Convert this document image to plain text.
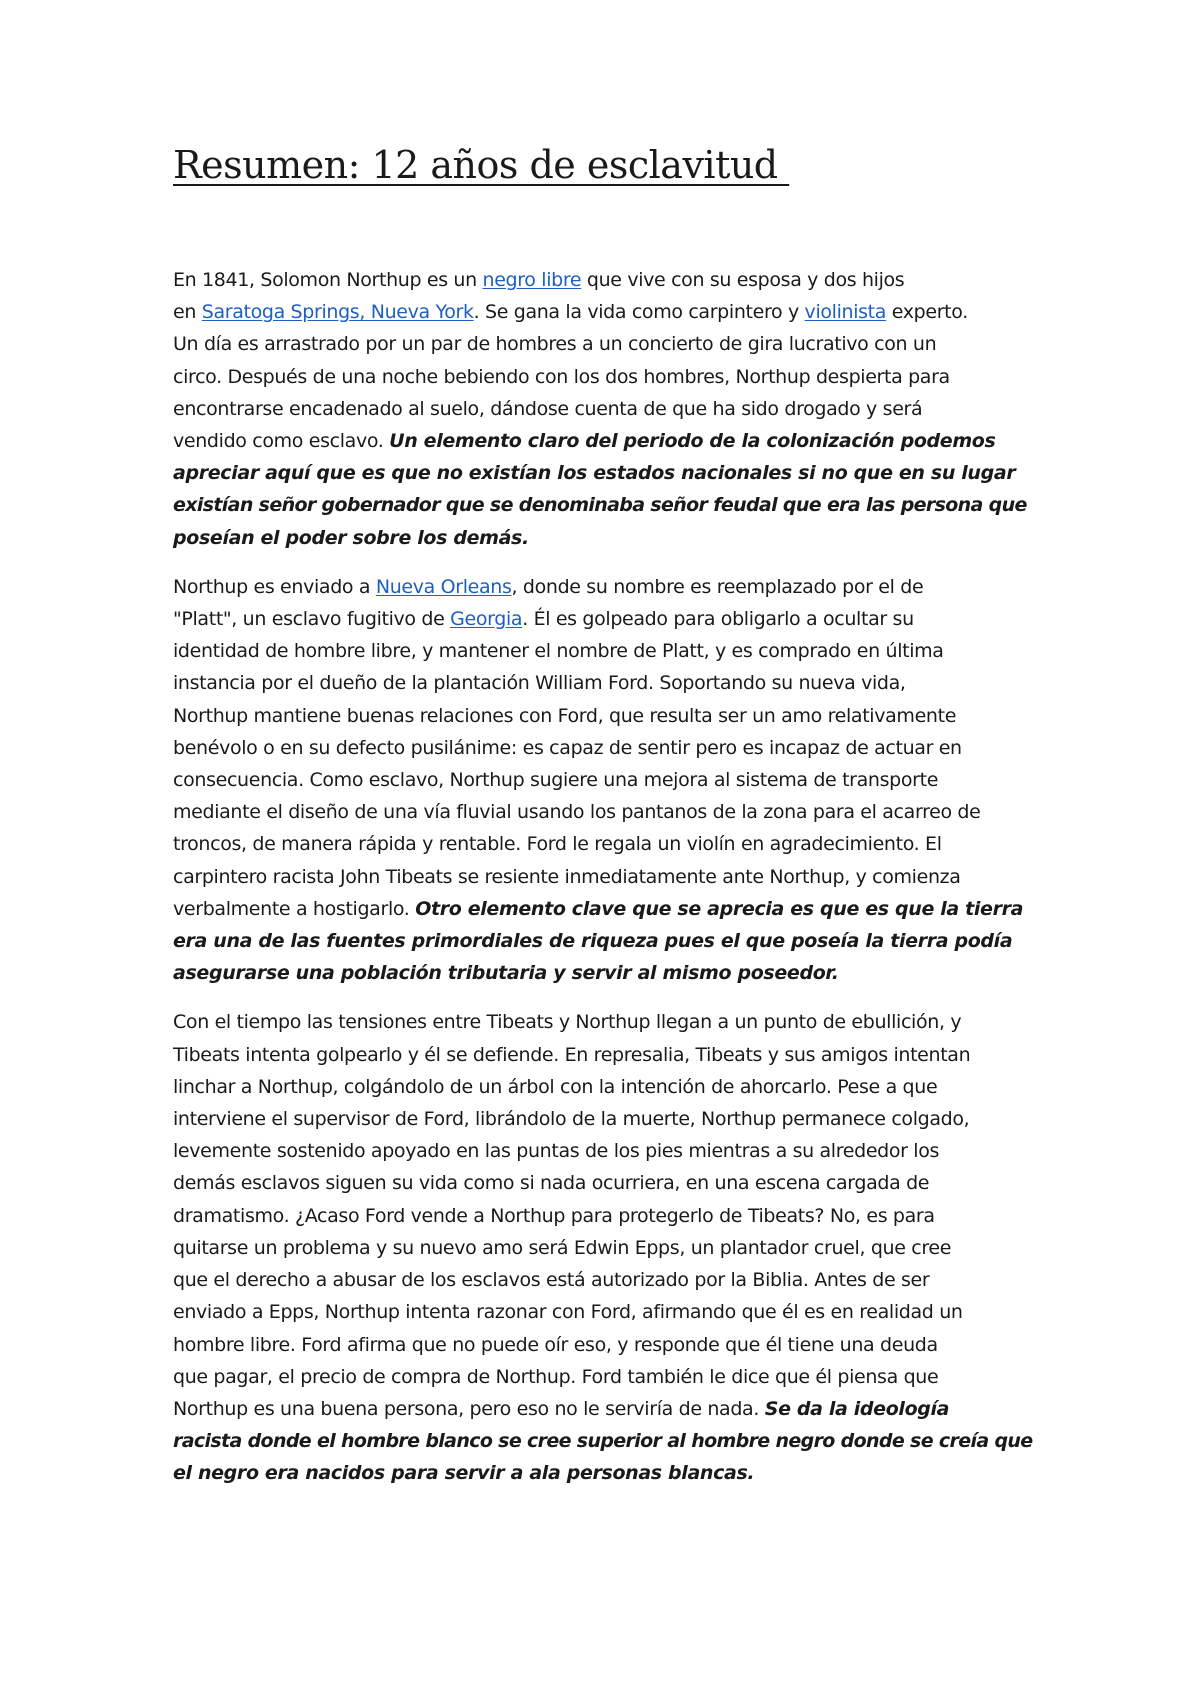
Resumen: 12 años de esclavitud

En 1841, Solomon Northup es un negro libre que vive con su esposa y dos hijos
en Saratoga Springs, Nueva York. Se gana la vida como carpintero y violinista experto.
Un día es arrastrado por un par de hombres a un concierto de gira lucrativo con un
circo. Después de una noche bebiendo con los dos hombres, Northup despierta para
encontrarse encadenado al suelo, dándose cuenta de que ha sido drogado y será
vendido como esclavo. Un elemento claro del periodo de la colonización podemos
apreciar aquí que es que no existían los estados nacionales si no que en su lugar
existían señor gobernador que se denominaba señor feudal que era las persona que
poseían el poder sobre los demás.

Northup es enviado a Nueva Orleans, donde su nombre es reemplazado por el de
"Platt", un esclavo fugitivo de Georgia. Él es golpeado para obligarlo a ocultar su
identidad de hombre libre, y mantener el nombre de Platt, y es comprado en última
instancia por el dueño de la plantación William Ford. Soportando su nueva vida,
Northup mantiene buenas relaciones con Ford, que resulta ser un amo relativamente
benévolo o en su defecto pusilánime: es capaz de sentir pero es incapaz de actuar en
consecuencia. Como esclavo, Northup sugiere una mejora al sistema de transporte
mediante el diseño de una vía fluvial usando los pantanos de la zona para el acarreo de
troncos, de manera rápida y rentable. Ford le regala un violín en agradecimiento. El
carpintero racista John Tibeats se resiente inmediatamente ante Northup, y comienza
verbalmente a hostigarlo. Otro elemento clave que se aprecia es que es que la tierra
era una de las fuentes primordiales de riqueza pues el que poseía la tierra podía
asegurarse una población tributaria y servir al mismo poseedor.

Con el tiempo las tensiones entre Tibeats y Northup llegan a un punto de ebullición, y
Tibeats intenta golpearlo y él se defiende. En represalia, Tibeats y sus amigos intentan
linchar a Northup, colgándolo de un árbol con la intención de ahorcarlo. Pese a que
interviene el supervisor de Ford, librándolo de la muerte, Northup permanece colgado,
levemente sostenido apoyado en las puntas de los pies mientras a su alrededor los
demás esclavos siguen su vida como si nada ocurriera, en una escena cargada de
dramatismo. ¿Acaso Ford vende a Northup para protegerlo de Tibeats? No, es para
quitarse un problema y su nuevo amo será Edwin Epps, un plantador cruel, que cree
que el derecho a abusar de los esclavos está autorizado por la Biblia. Antes de ser
enviado a Epps, Northup intenta razonar con Ford, afirmando que él es en realidad un
hombre libre. Ford afirma que no puede oír eso, y responde que él tiene una deuda
que pagar, el precio de compra de Northup. Ford también le dice que él piensa que
Northup es una buena persona, pero eso no le serviría de nada. Se da la ideología
racista donde el hombre blanco se cree superior al hombre negro donde se creía que
el negro era nacidos para servir a ala personas blancas.
